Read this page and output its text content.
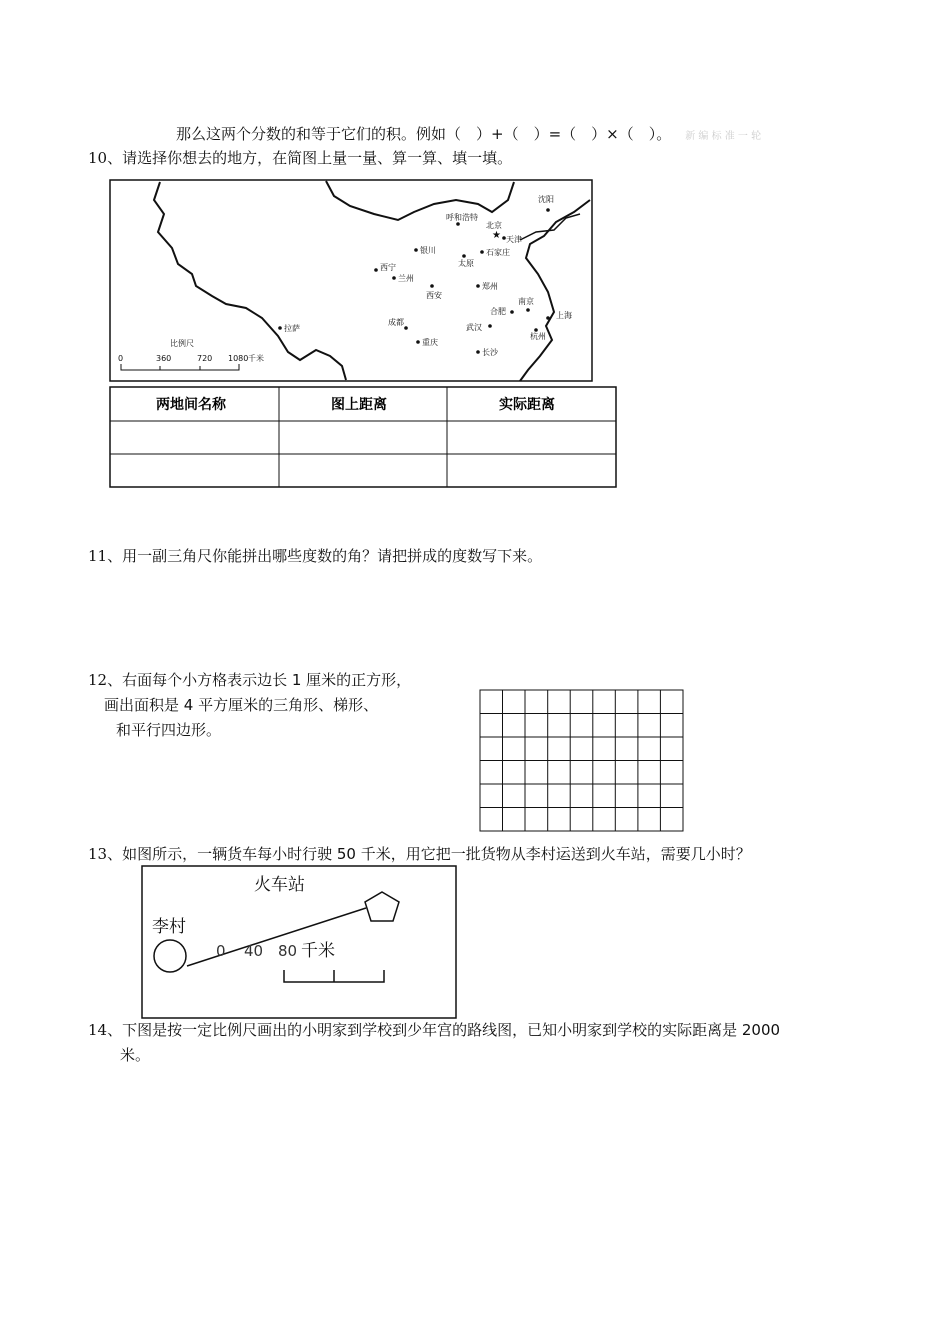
那么这两个分数的和等于它们的积。例如（　）+（　）=（　）×（　）。 新 编 标 准 一 轮
10、请选择你想去的地方，在简图上量一量、算一算、填一填。
沈阳
呼和浩特
北京
★ 天津
银川	石家庄
太原
西宁
兰州
郑州
西安
南京
合肥	上海
拉萨
成都
武汉
杭州
重庆
长沙
比例尺
0	360	720 1080 千米
两地间名称	图上距离	实际距离
11、用一副三角尺你能拼出哪些度数的角？请把拼成的度数写下来。
12、右面每个小方格表示边长 1 厘米的正方形，
画出面积是 4 平方厘米的三角形、梯形、
和平行四边形。
13、如图所示，一辆货车每小时行驶 50 千米，用它把一批货物从李村运送到火车站，需要几小时？
火车站
李村
0 40 80 千米
14、下图是按一定比例尺画出的小明家到学校到少年宫的路线图，已知小明家到学校的实际距离是 2000
米。
